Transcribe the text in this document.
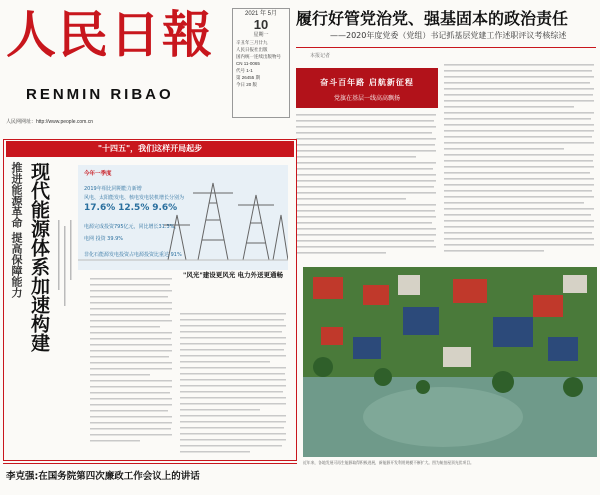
人民日報
RENMIN RIBAO
人民网网址：http://www.people.com.cn
2021 年 5月
10
星期一
辛丑年三月廿九
人民日报社出版
国内统一连续出版物号
CN 11-0065
代号 1-1
第 26455 期
今日 20 版
履行好管党治党、强基固本的政治责任
——2020年度党委（党组）书记抓基层党建工作述职评议考核综述
本报记者
奋斗百年路 启航新征程
党旗在基层一线高高飘扬
"十四五"，我们这样开局起步
推进能源革命 提高保障能力 现代能源体系加速构建	今年一季度
2019年相比同期能力新增
风电、太阳能发电、核电发电装机增长分别为
17.6% 12.5% 9.6%
电源完成投资795亿元，同比增长31.3%，
电网 投资 39.9%
非化石能源发电投资占电源投资比重达 91%
"风光"建设更风光 电力外送更通畅
近年来，各地发展可再生能源取得积极进展，新能源开发利用规模不断扩大。图为航拍屋顶光伏项目。
李克强:在国务院第四次廉政工作会议上的讲话
